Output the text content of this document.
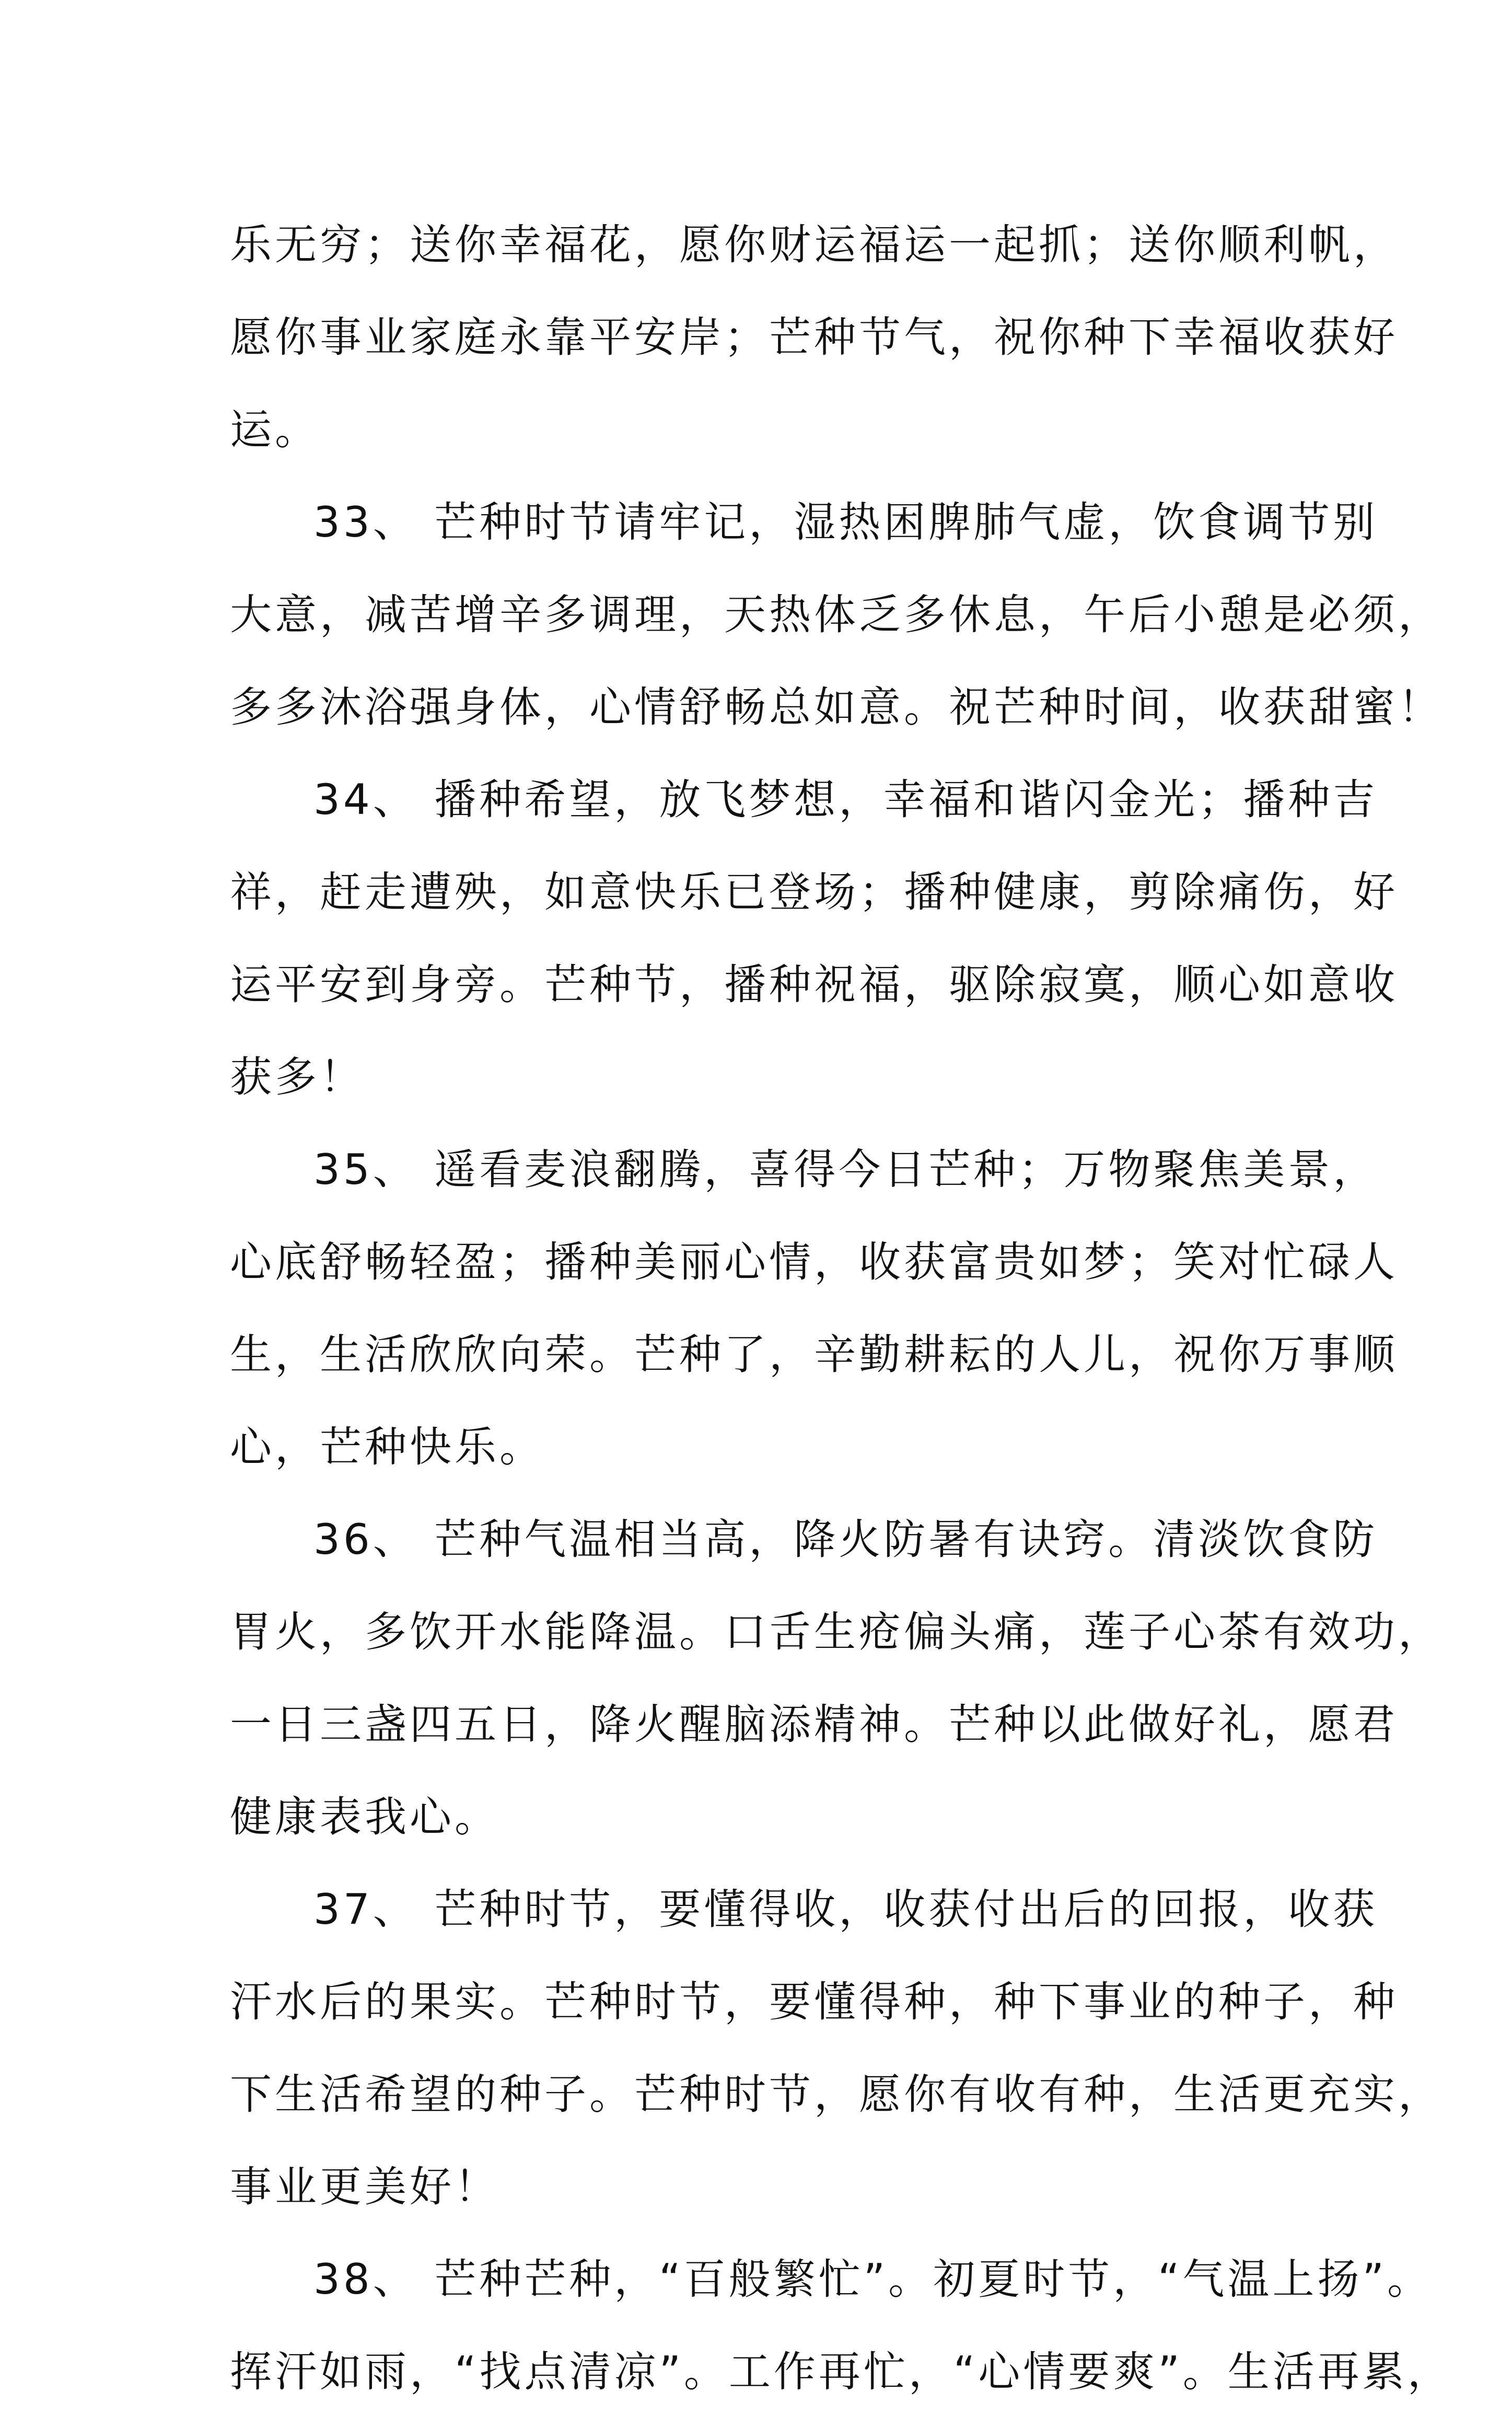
乐无穷；送你幸福花，愿你财运福运一起抓；送你顺利帆，
愿你事业家庭永靠平安岸；芒种节气，祝你种下幸福收获好
运。
33、 芒种时节请牢记，湿热困脾肺气虚，饮食调节别
大意，减苦增辛多调理，天热体乏多休息，午后小憩是必须，
多多沐浴强身体，心情舒畅总如意。祝芒种时间，收获甜蜜！
34、 播种希望，放飞梦想，幸福和谐闪金光；播种吉
祥，赶走遭殃，如意快乐已登场；播种健康，剪除痛伤，好
运平安到身旁。芒种节，播种祝福，驱除寂寞，顺心如意收
获多！
35、 遥看麦浪翻腾，喜得今日芒种；万物聚焦美景，
心底舒畅轻盈；播种美丽心情，收获富贵如梦；笑对忙碌人
生，生活欣欣向荣。芒种了，辛勤耕耘的人儿，祝你万事顺
心，芒种快乐。
36、 芒种气温相当高，降火防暑有诀窍。清淡饮食防
胃火，多饮开水能降温。口舌生疮偏头痛，莲子心茶有效功，
一日三盏四五日，降火醒脑添精神。芒种以此做好礼，愿君
健康表我心。
37、 芒种时节，要懂得收，收获付出后的回报，收获
汗水后的果实。芒种时节，要懂得种，种下事业的种子，种
下生活希望的种子。芒种时节，愿你有收有种，生活更充实，
事业更美好！
38、 芒种芒种，“百般繁忙”。初夏时节，“气温上扬”。
挥汗如雨，“找点清凉”。工作再忙，“心情要爽”。生活再累，
